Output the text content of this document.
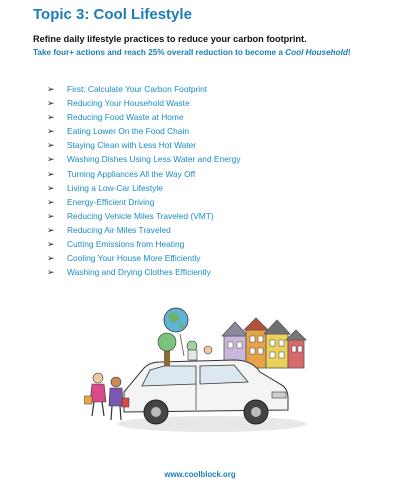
Topic 3: Cool Lifestyle
Refine daily lifestyle practices to reduce your carbon footprint.
Take four+ actions and reach 25% overall reduction to become a Cool Household!
➢	First: Calculate Your Carbon Footprint
➢	Reducing Your Household Waste
➢	Reducing Food Waste at Home
➢	Eating Lower On the Food Chain
➢	Staying Clean with Less Hot Water
➢	Washing Dishes Using Less Water and Energy
➢	Turning Appliances All the Way Off
➢	Living a Low-Car Lifestyle
➢	Energy-Efficient Driving
➢	Reducing Vehicle Miles Traveled (VMT)
➢	Reducing Air Miles Traveled
➢	Cutting Emissions from Heating
➢	Cooling Your House More Efficiently
➢	Washing and Drying Clothes Efficiently
www.coolblock.org
